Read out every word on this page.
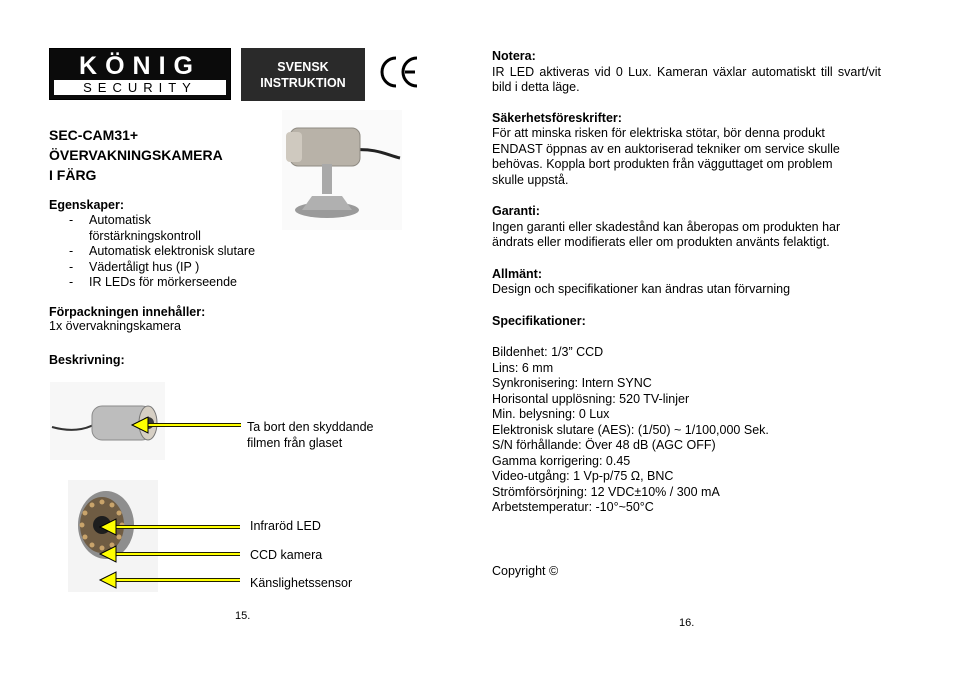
KÖNIG
SECURITY
SVENSK
INSTRUKTION
SEC-CAM31+
ÖVERVAKNINGSKAMERA
I FÄRG
Egenskaper:
- Automatisk förstärkningskontroll
- Automatisk elektronisk slutare
- Vädertåligt hus (IP )
- IR LEDs för mörkerseende
Förpackningen innehåller:
1x övervakningskamera
Beskrivning:
Ta bort den skyddande filmen från glaset
Infraröd LED
CCD kamera
Känslighetssensor
15.
Notera:
IR LED aktiveras vid 0 Lux. Kameran växlar automatiskt till svart/vit bild i detta läge.
Säkerhetsföreskrifter:
För att minska risken för elektriska stötar, bör denna produkt
ENDAST öppnas av en auktoriserad tekniker om service skulle
behövas. Koppla bort produkten från vägguttaget om problem
skulle uppstå.
Garanti:
Ingen garanti eller skadestånd kan åberopas om produkten har
ändrats eller modifierats eller om produkten använts felaktigt.
Allmänt:
Design och specifikationer kan ändras utan förvarning
Specifikationer:
Bildenhet: 1/3” CCD
Lins: 6 mm
Synkronisering: Intern SYNC
Horisontal upplösning: 520 TV-linjer
Min. belysning: 0 Lux
Elektronisk slutare (AES): (1/50) ~ 1/100,000 Sek.
S/N förhållande: Över 48 dB (AGC OFF)
Gamma korrigering: 0.45
Video-utgång: 1 Vp-p/75 Ω, BNC
Strömförsörjning: 12 VDC±10% / 300 mA
Arbetstemperatur: -10°~50°C
Copyright ©
16.
